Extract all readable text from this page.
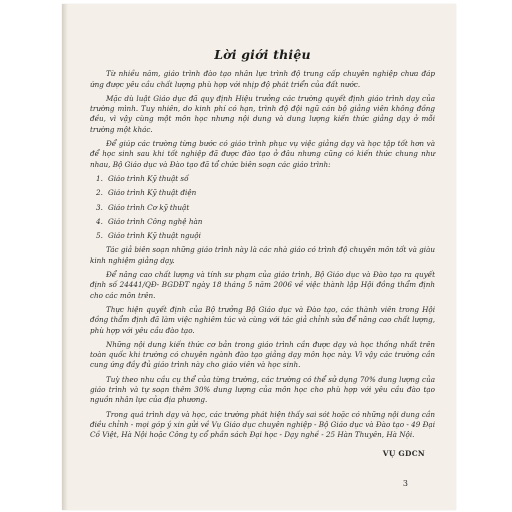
Lời giới thiệu

Từ nhiều năm, giáo trình đào tạo nhân lực trình độ trung cấp chuyên nghiệp chưa đáp ứng được yêu cầu chất lượng phù hợp với nhịp độ phát triển của đất nước.

Mặc dù luật Giáo dục đã quy định Hiệu trưởng các trường quyết định giáo trình dạy của trường mình. Tuy nhiên, do kinh phí có hạn, trình độ đội ngũ cán bộ giảng viên không đồng đều, vì vậy cùng một môn học nhưng nội dung và dung lượng kiến thức giảng dạy ở mỗi trường một khác.

Để giúp các trường từng bước có giáo trình phục vụ việc giảng dạy và học tập tốt hơn và để học sinh sau khi tốt nghiệp đã được đào tạo ở đâu nhưng cũng có kiến thức chung như nhau, Bộ Giáo dục và Đào tạo đã tổ chức biên soạn các giáo trình:

1. Giáo trình Kỹ thuật số
2. Giáo trình Kỹ thuật điện
3. Giáo trình Cơ kỹ thuật
4. Giáo trình Công nghệ hàn
5. Giáo trình Kỹ thuật nguội

Tác giả biên soạn những giáo trình này là các nhà giáo có trình độ chuyên môn tốt và giàu kinh nghiệm giảng dạy.

Để nâng cao chất lượng và tính sư phạm của giáo trình, Bộ Giáo dục và Đào tạo ra quyết định số 24441/QĐ- BGDĐT ngày 18 tháng 5 năm 2006 về việc thành lập Hội đồng thẩm định cho các môn trên.

Thực hiện quyết định của Bộ trưởng Bộ Giáo dục và Đào tạo, các thành viên trong Hội đồng thẩm định đã làm việc nghiêm túc và cùng với tác giả chỉnh sửa để nâng cao chất lượng, phù hợp với yêu cầu đào tạo.

Những nội dung kiến thức cơ bản trong giáo trình cần được dạy và học thống nhất trên toàn quốc khi trường có chuyên ngành đào tạo giảng dạy môn học này. Vì vậy các trường cần cung ứng đầy đủ giáo trình này cho giáo viên và học sinh.

Tuỳ theo nhu cầu cụ thể của từng trường, các trường có thể sử dụng 70% dung lượng của giáo trình và tự soạn thêm 30% dung lượng của môn học cho phù hợp với yêu cầu đào tạo nguồn nhân lực của địa phương.

Trong quá trình dạy và học, các trường phát hiện thấy sai sót hoặc có những nội dung cần điều chỉnh - mọi góp ý xin gửi về Vụ Giáo dục chuyên nghiệp - Bộ Giáo dục và Đào tạo - 49 Đại Cồ Việt, Hà Nội hoặc Công ty cổ phần sách Đại học - Dạy nghề - 25 Hàn Thuyên, Hà Nội.

VỤ GDCN
3
